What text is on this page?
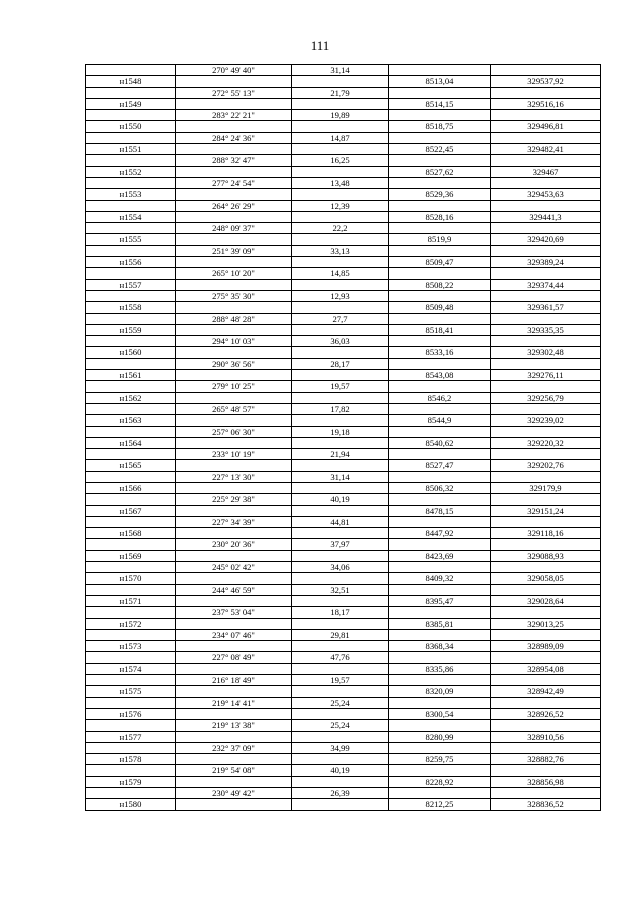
111
	270° 49' 40"	31,14		
н1548			8513,04	329537,92
	272° 55' 13"	21,79		
н1549			8514,15	329516,16
	283° 22' 21"	19,89		
н1550			8518,75	329496,81
	284° 24' 36"	14,87		
н1551			8522,45	329482,41
	288° 32' 47"	16,25		
н1552			8527,62	329467
	277° 24' 54"	13,48		
н1553			8529,36	329453,63
	264° 26' 29"	12,39		
н1554			8528,16	329441,3
	248° 09' 37"	22,2		
н1555			8519,9	329420,69
	251° 39' 09"	33,13		
н1556			8509,47	329389,24
	265° 10' 20"	14,85		
н1557			8508,22	329374,44
	275° 35' 30"	12,93		
н1558			8509,48	329361,57
	288° 48' 28"	27,7		
н1559			8518,41	329335,35
	294° 10' 03"	36,03		
н1560			8533,16	329302,48
	290° 36' 56"	28,17		
н1561			8543,08	329276,11
	279° 10' 25"	19,57		
н1562			8546,2	329256,79
	265° 48' 57"	17,82		
н1563			8544,9	329239,02
	257° 06' 30"	19,18		
н1564			8540,62	329220,32
	233° 10' 19"	21,94		
н1565			8527,47	329202,76
	227° 13' 30"	31,14		
н1566			8506,32	329179,9
	225° 29' 38"	40,19		
н1567			8478,15	329151,24
	227° 34' 39"	44,81		
н1568			8447,92	329118,16
	230° 20' 36"	37,97		
н1569			8423,69	329088,93
	245° 02' 42"	34,06		
н1570			8409,32	329058,05
	244° 46' 59"	32,51		
н1571			8395,47	329028,64
	237° 53' 04"	18,17		
н1572			8385,81	329013,25
	234° 07' 46"	29,81		
н1573			8368,34	328989,09
	227° 08' 49"	47,76		
н1574			8335,86	328954,08
	216° 18' 49"	19,57		
н1575			8320,09	328942,49
	219° 14' 41"	25,24		
н1576			8300,54	328926,52
	219° 13' 38"	25,24		
н1577			8280,99	328910,56
	232° 37' 09"	34,99		
н1578			8259,75	328882,76
	219° 54' 08"	40,19		
н1579			8228,92	328856,98
	230° 49' 42"	26,39		
н1580			8212,25	328836,52
